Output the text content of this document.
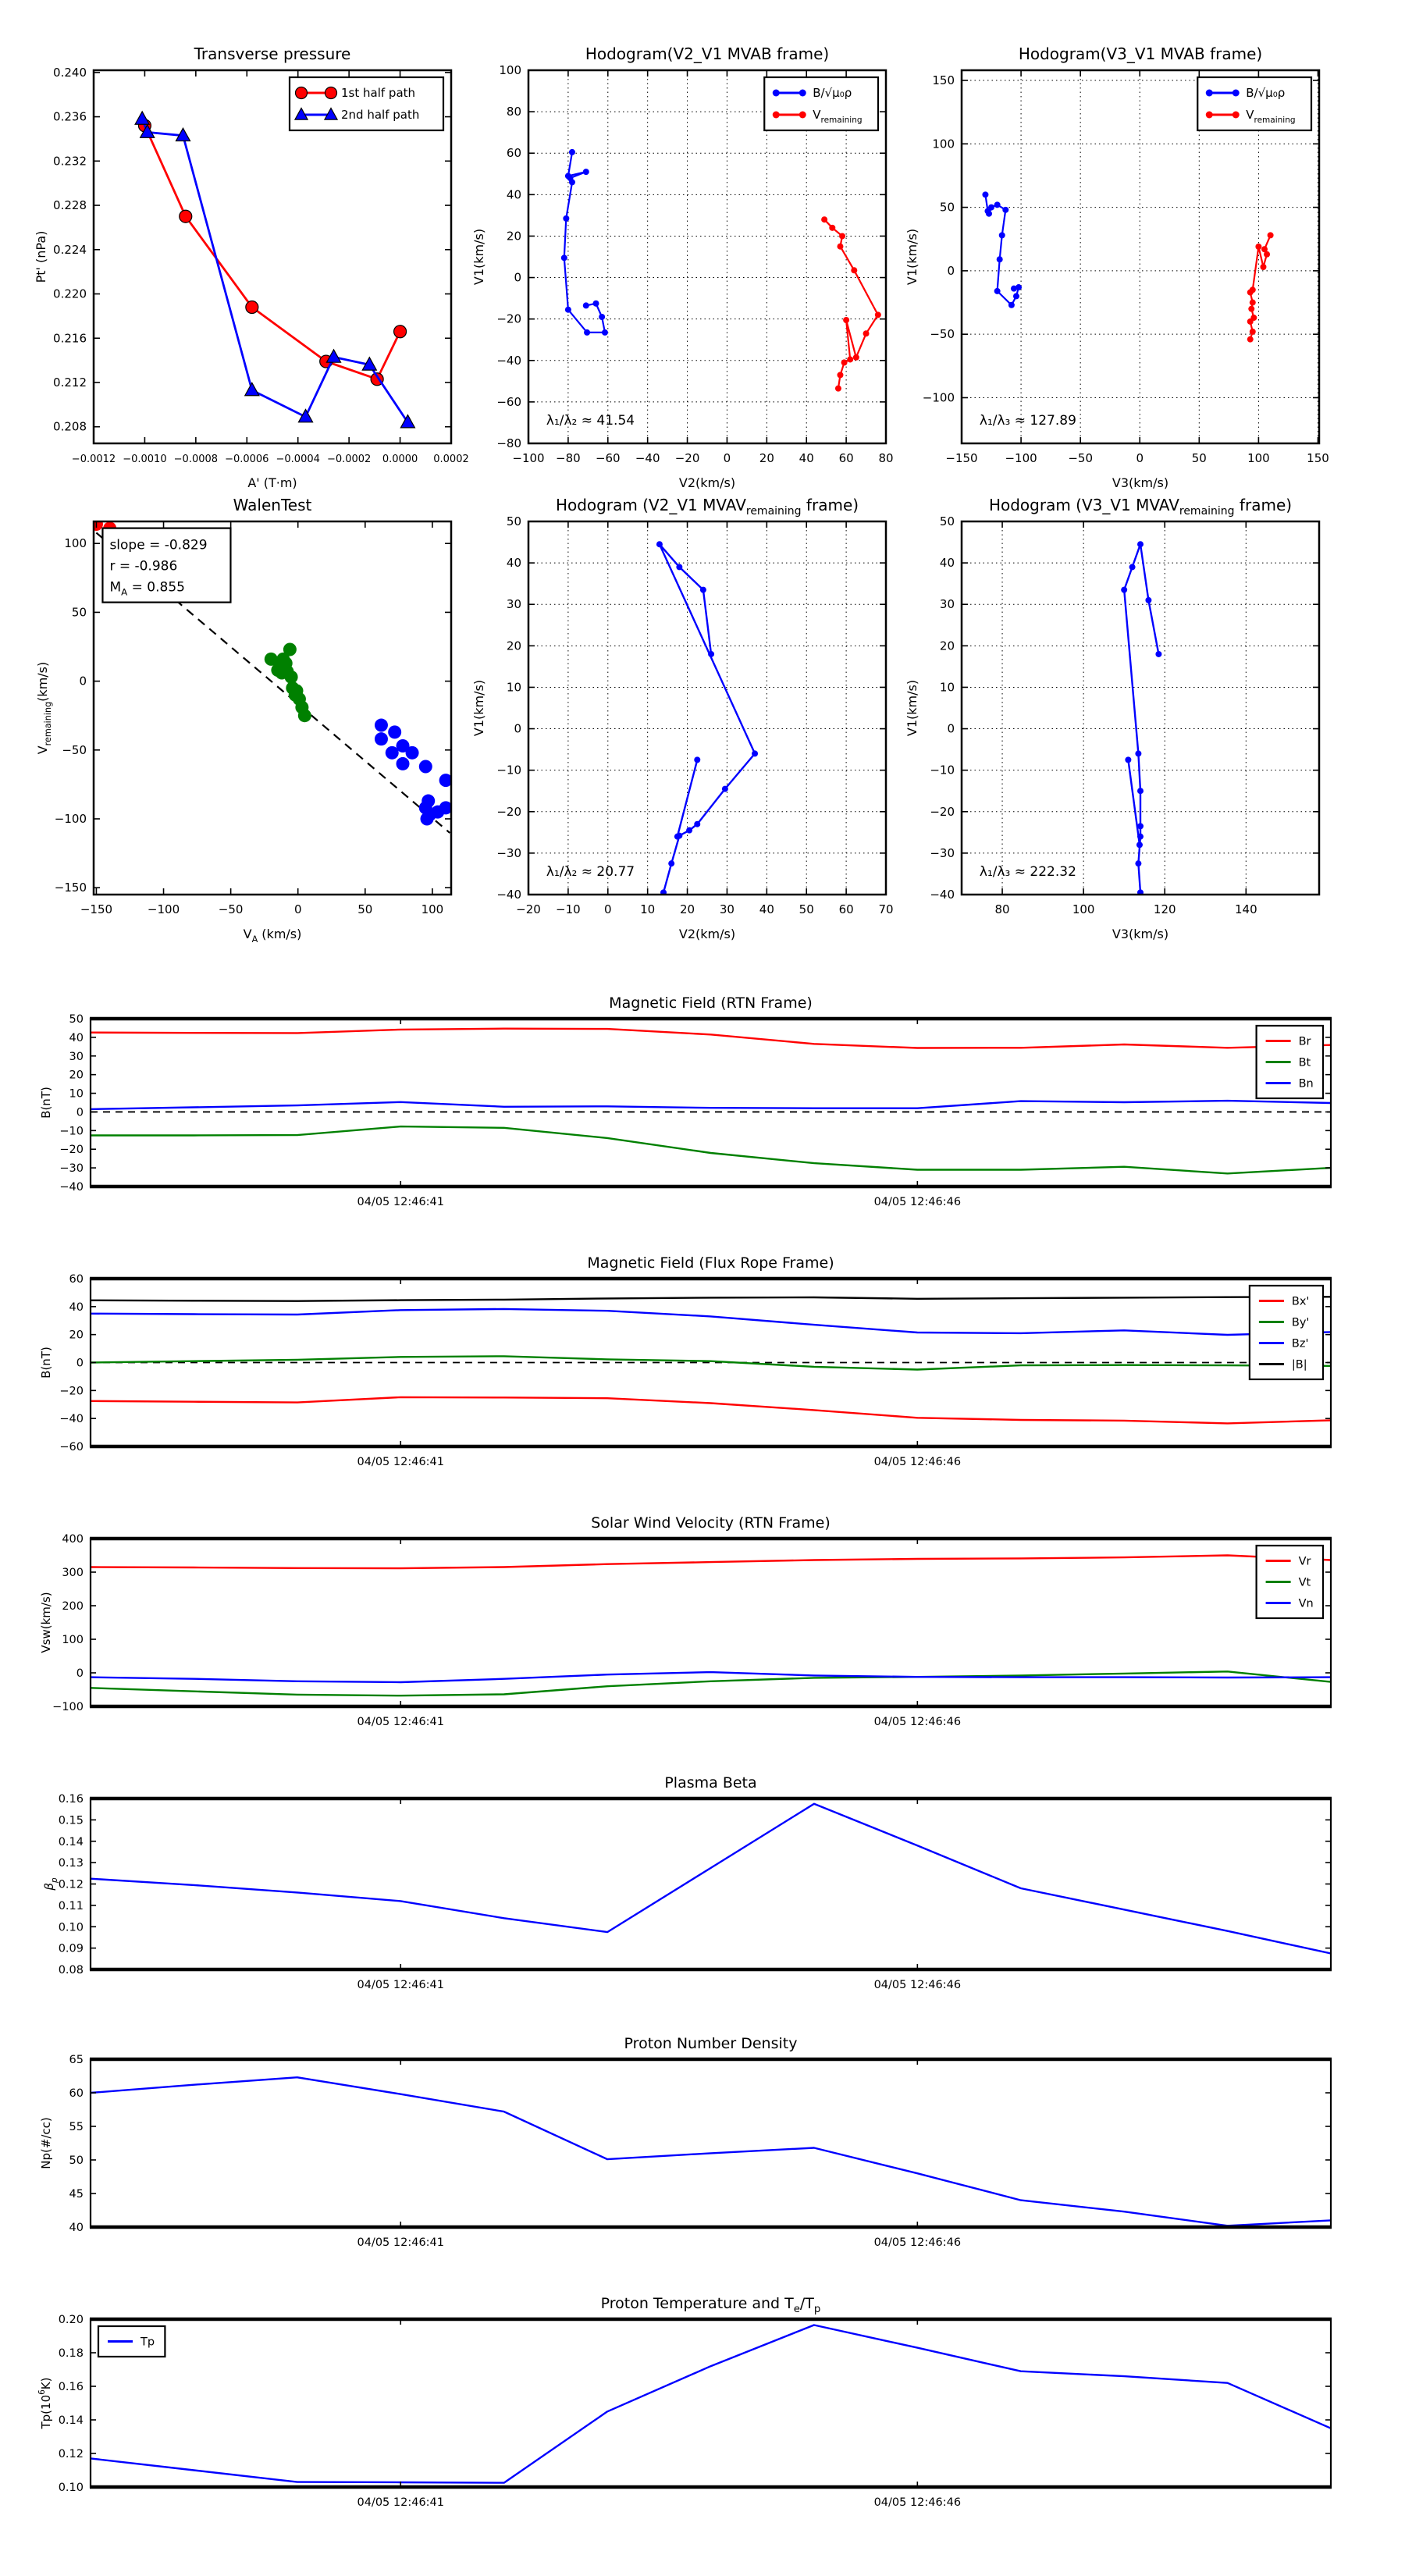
−0.0012 −0.0010 −0.0008 −0.0006 −0.0004 −0.0002 0.0000 0.0002
0.208
0.212
0.216
0.220
0.224
0.228
0.232
0.236
0.240
Transverse pressure
A' (T·m)
Pt' (nPa)
1st half path
2nd half path
−100 −80 −60 −40 −20 0 20 40 60 80
−80
−60
−40
−20
0
20
40
60
80
100
Hodogram(V2_V1 MVAB frame)
V2(km/s)
V1(km/s)
B/√μ₀ρ
$V_{remaining}$
λ₁/λ₂ ≈ 41.54
−150 −100	−50	0	50	100	150
−100
−50
0
50
100
150
Hodogram(V3_V1 MVAB frame)
V3(km/s)
V1(km/s)
B/√μ₀ρ
$V_{remaining}$
λ₁/λ₃ ≈ 127.89
−150	−100	−50	0	50	100
−150
−100
−50
0
50
100
WalenTest
$V_A$ (km/s)
$V_{remaining}(km/s)$
slope = -0.829
r = -0.986
$M_A = 0.855$
−20 −10 0 10 20 30 40 50 60 70
−40
−30
−20
−10
0
10
20
30
40
50
Hodogram (V2_V1 $MVAV_{remaining}$ frame)
V2(km/s)
V1(km/s)
λ₁/λ₂ ≈ 20.77
80	100	120	140
−40
−30
−20
−10
0
10
20
30
40
50
Hodogram (V3_V1 $MVAV_{remaining}$ frame)
V3(km/s)
V1(km/s)
λ₁/λ₃ ≈ 222.32
04/05 12:46:41	04/05 12:46:46
−40
−30
−20
−10
0
10
20
30
40
50
Magnetic Field (RTN Frame)
B(nT)
Br
Bt
Bn
04/05 12:46:41	04/05 12:46:46
−60
−40
−20
0
20
40
60
Magnetic Field (Flux Rope Frame)
B(nT)
Bx'
By'
Bz'
|B|
04/05 12:46:41	04/05 12:46:46
−100
0
100
200
300
400
Solar Wind Velocity (RTN Frame)
Vsw(km/s)
Vr
Vt
Vn
04/05 12:46:41	04/05 12:46:46
0.08
0.09
0.10
0.11
0.12
0.13
0.14
0.15
0.16
Plasma Beta
$\beta_p$
04/05 12:46:41	04/05 12:46:46
40
45
50
55
60
65
Proton Number Density
Np(#/cc)
04/05 12:46:41	04/05 12:46:46
0.10
0.12
0.14
0.16
0.18
0.20
Proton Temperature and $T_e/T_p$
$Tp(10^6K)$
Tp
